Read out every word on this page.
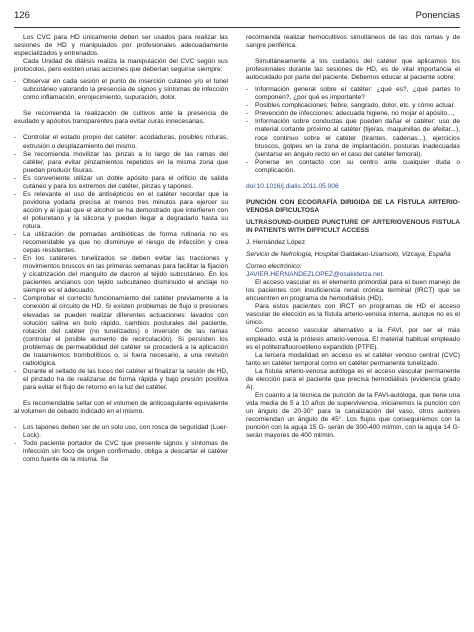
126	Ponencias

Los CVC para HD únicamente deben ser usados para realizar las sesiones de HD y manipulados por profesionales adecuadamente especializados y entrenados.

Cada Unidad de diálisis realiza la manipulación del CVC según sus protocolos, pero existen unas acciones que deberían seguirse siempre:

- Observar en cada sesión el punto de inserción cutáneo y/o el túnel subcutáneo valorando la presencia de signos y síntomas de infección como inflamación, enrojecimiento, supuración, dolor.

Se recomienda la realización de cultivos ante la presencia de exudado y apósitos transparentes para evitar curas innecesarias.

- Controlar el estado propio del catéter: acodaduras, posibles roturas, extrusión o desplazamiento del mismo.
- Se recomienda movilizar las pinzas a lo largo de las ramas del catéter, para evitar pinzamientos repetidos en la misma zona que puedan producir fisuras.
- Es conveniente utilizar un doble apósito para el orificio de salida cutáneo y para los extremos del catéter, pinzas y tapones.
- Es relevante el uso de antisépticos en el catéter recordar que la povidona yodada precisa al menos tres minutos para ejercer su acción y al igual que el alcohol se ha demostrado que interfieren con el poliuretano y la silicona y pueden llegar a degradarlo hasta su rotura.
- La utilización de pomadas antibióticas de forma rutinaria no es recomendable ya que no disminuye el riesgo de infección y crea cepas resistentes.
- En los catéteres tunelizados se deben evitar las tracciones y movimientos bruscos en las primeras semanas para facilitar la fijación y cicatrización del manguito de dacron al tejido subcutáneo. En los pacientes ancianos con tejido subcutáneo disminuido el anclaje no siempre es el adecuado.
- Comprobar el correcto funcionamiento del catéter previamente a la conexión al circuito de HD. Si existen problemas de flujo o presiones elevadas se pueden realizar diferentes actuaciones: lavados con solución salina en bolo rápido, cambios posturales del paciente, rotación del catéter (no tunelizados) o inversión de las ramas (controlar el posible aumento de recirculación). Si persisten los problemas de permeabilidad del catéter se procederá a la aplicación de tratamientos trombolíticos o, si fuera necesario, a una revisión radiológica.
- Durante el sellado de las luces del catéter al finalizar la sesión de HD, el pinzado ha de realizarse de forma rápida y bajo presión positiva para evitar el flujo de retorno en la luz del catéter.

Es recomendable sellar con el volumen de anticoagulante equivalente al volumen de cebado indicado en el mismo.

- Los tapones deben ser de un solo uso, con rosca de seguridad (Luer-Lock).
- Todo paciente portador de CVC que presente signos y síntomas de infección sin foco de origen confirmado, obliga a descartar el catéter como fuente de la misma. Se

recomienda realizar hemocultivos simultáneos de las dos ramas y de sangre periférica.

Simultáneamente a los cuidados del catéter que aplicamos los profesionales durante las sesiones de HD, es de vital importancia el autocuidado por parte del paciente. Debemos educar al paciente sobre:

- Información general sobre el catéter: ¿qué es?, ¿qué partes lo componen?, ¿por qué es importante?
- Posibles complicaciones: fiebre, sangrado, dolor, etc. y cómo actuar.
- Prevención de infecciones: adecuada higiene, no mojar el apósito...,
- Información sobre conductas que pueden dañar el catéter: uso de material cortante próximo al catéter (tijeras, maquinillas de afeitar...), roce continuo sobre el catéter (tirantes, cadenas...), ejercicios bruscos, golpes en la zona de implantación, posturas inadecuadas (sentarse en ángulo recto en el caso del catéter femoral).
- Ponerse en contacto con su centro ante cualquier duda o complicación.

doi:10.1016/j.dialis.2011.05.006

PUNCIÓN CON ECOGRAFÍA DIRIGIDA DE LA FÍSTULA ARTERIO-VENOSA DIFICULTOSA

ULTRASOUND-GUIDED PUNCTURE OF ARTERIOVENOUS FISTULA IN PATIENTS WITH DIFFICULT ACCESS

J. Hernández López

Servicio de Nefrología, Hospital Galdakao-Usansolo, Vizcaya, España

Correo electrónico:

JAVIER.HERNANDEZLOPEZ@osakidetza.net.

El acceso vascular es el elemento primordial para el buen manejo de los pacientes con insuficiencia renal crónica terminal (IRCT) que se encuentren en programa de hemodiálisis (HD).

Para estos pacientes con IRCT en programas de HD el acceso vascular de elección es la fístula arterio-venosa interna, aunque no es el único.

Como acceso vascular alternativo a la FAVI, por ser el más empleado, está la prótesis arterio-venosa. El material habitual empleado es el politetrafluoroetileno expandido (PTFE).

La tercera modalidad en acceso es el catéter venoso central (CVC) tanto en catéter temporal como en catéter permanente tunelizado.

La fístula arterio-venosa autóloga es el acceso vascular permanente de elección para el paciente que precisa hemodiálisis (evidencia grado A).

En cuanto a la técnica de punción de la FAVI-autóloga, que tiene una vida media de 5 a 10 años de supervivencia, iniciaremos la punción con un ángulo de 20-30° para la canalización del vaso, otros autores recomiendan un ángulo de 45°. Los flujos que conseguiremos con la punción con la aguja 15 G- serán de 300-400 ml/min, con la aguja 14 G- serán mayores de 400 ml/min.
